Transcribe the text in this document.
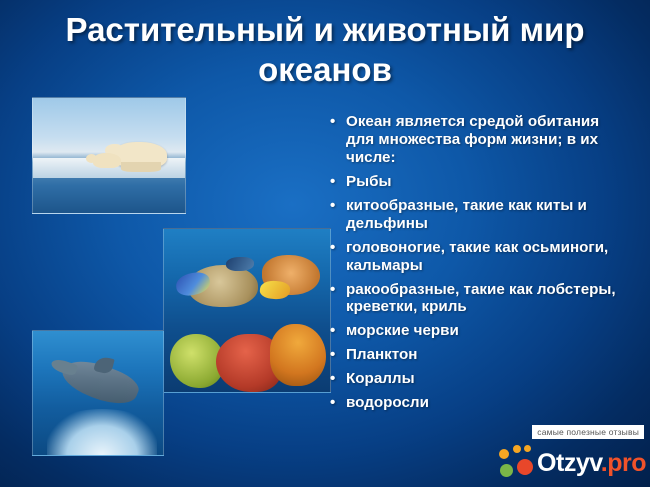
Растительный и животный мир океанов
• Океан является средой обитания для множества форм жизни; в их числе:
• Рыбы
• китообразные, такие как киты и дельфины
• головоногие, такие как осьминоги, кальмары
• ракообразные, такие как лобстеры, креветки, криль
• морские черви
• Планктон
• Кораллы
• водоросли
самые полезные отзывы
Otzyv.pro
